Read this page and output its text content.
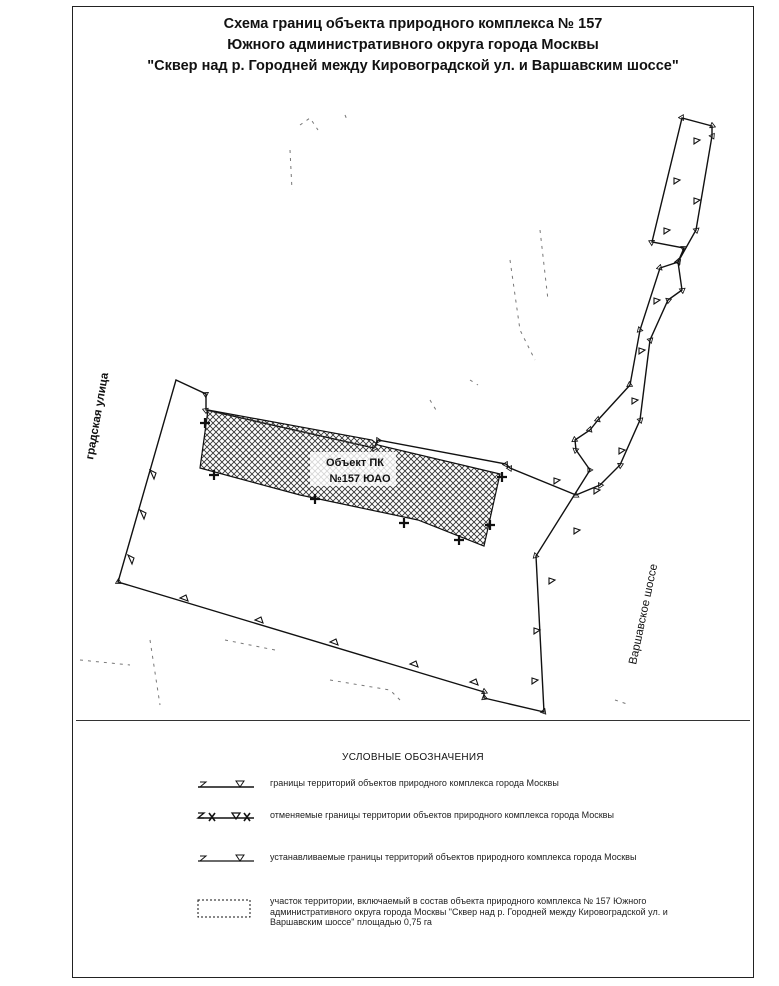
Схема границ объекта природного комплекса № 157
Южного административного округа города Москвы
"Сквер над р. Городней между Кировоградской ул. и Варшавским шоссе"
Объект ПК
№157 ЮАО
градская улица
Варшавское шоссе
УСЛОВНЫЕ ОБОЗНАЧЕНИЯ
границы территорий объектов природного комплекса города Москвы
отменяемые границы территории объектов природного комплекса города Москвы
устанавливаемые границы территорий объектов природного комплекса города Москвы
участок территории, включаемый в состав объекта природного комплекса № 157 Южного административного округа города Москвы "Сквер над р. Городней между Кировоградской ул. и Варшавским шоссе" площадью 0,75 га
